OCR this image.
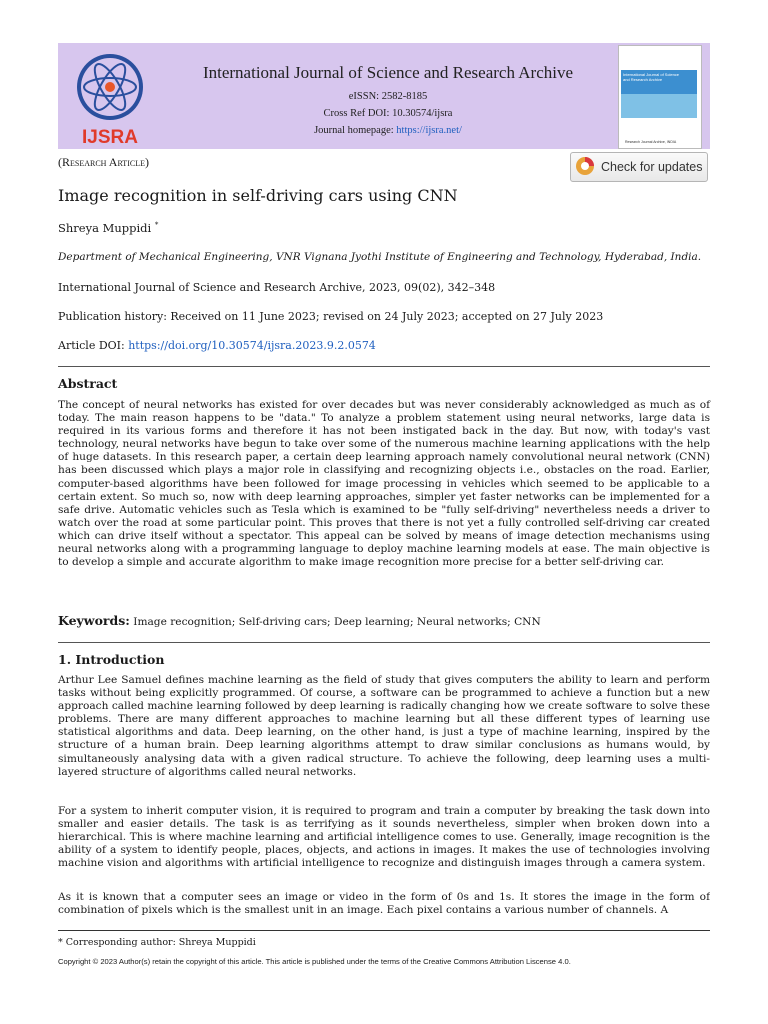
IJSRA
International Journal of Science and Research Archive
eISSN: 2582-8185
Cross Ref DOI: 10.30574/ijsra
Journal homepage: https://ijsra.net/
International Journal of Science and Research Archive
Research Journal Archive, INDIA
(Research Article)	Check for updates
Image recognition in self-driving cars using CNN
Shreya Muppidi *
Department of Mechanical Engineering, VNR Vignana Jyothi Institute of Engineering and Technology, Hyderabad, India.
International Journal of Science and Research Archive, 2023, 09(02), 342–348
Publication history: Received on 11 June 2023; revised on 24 July 2023; accepted on 27 July 2023
Article DOI: https://doi.org/10.30574/ijsra.2023.9.2.0574
Abstract
The concept of neural networks has existed for over decades but was never considerably acknowledged as much as of today. The main reason happens to be "data." To analyze a problem statement using neural networks, large data is required in its various forms and therefore it has not been instigated back in the day. But now, with today's vast technology, neural networks have begun to take over some of the numerous machine learning applications with the help of huge datasets. In this research paper, a certain deep learning approach namely convolutional neural network (CNN) has been discussed which plays a major role in classifying and recognizing objects i.e., obstacles on the road. Earlier, computer-based algorithms have been followed for image processing in vehicles which seemed to be applicable to a certain extent. So much so, now with deep learning approaches, simpler yet faster networks can be implemented for a safe drive. Automatic vehicles such as Tesla which is examined to be "fully self-driving" nevertheless needs a driver to watch over the road at some particular point. This proves that there is not yet a fully controlled self-driving car created which can drive itself without a spectator. This appeal can be solved by means of image detection mechanisms using neural networks along with a programming language to deploy machine learning models at ease. The main objective is to develop a simple and accurate algorithm to make image recognition more precise for a better self-driving car.
Keywords: Image recognition; Self-driving cars; Deep learning; Neural networks; CNN
1. Introduction
Arthur Lee Samuel defines machine learning as the field of study that gives computers the ability to learn and perform tasks without being explicitly programmed. Of course, a software can be programmed to achieve a function but a new approach called machine learning followed by deep learning is radically changing how we create software to solve these problems. There are many different approaches to machine learning but all these different types of learning use statistical algorithms and data. Deep learning, on the other hand, is just a type of machine learning, inspired by the structure of a human brain. Deep learning algorithms attempt to draw similar conclusions as humans would, by simultaneously analysing data with a given radical structure. To achieve the following, deep learning uses a multi-layered structure of algorithms called neural networks.
For a system to inherit computer vision, it is required to program and train a computer by breaking the task down into smaller and easier details. The task is as terrifying as it sounds nevertheless, simpler when broken down into a hierarchical. This is where machine learning and artificial intelligence comes to use. Generally, image recognition is the ability of a system to identify people, places, objects, and actions in images. It makes the use of technologies involving machine vision and algorithms with artificial intelligence to recognize and distinguish images through a camera system.
As it is known that a computer sees an image or video in the form of 0s and 1s. It stores the image in the form of combination of pixels which is the smallest unit in an image. Each pixel contains a various number of channels. A
* Corresponding author: Shreya Muppidi
Copyright © 2023 Author(s) retain the copyright of this article. This article is published under the terms of the Creative Commons Attribution Liscense 4.0.
